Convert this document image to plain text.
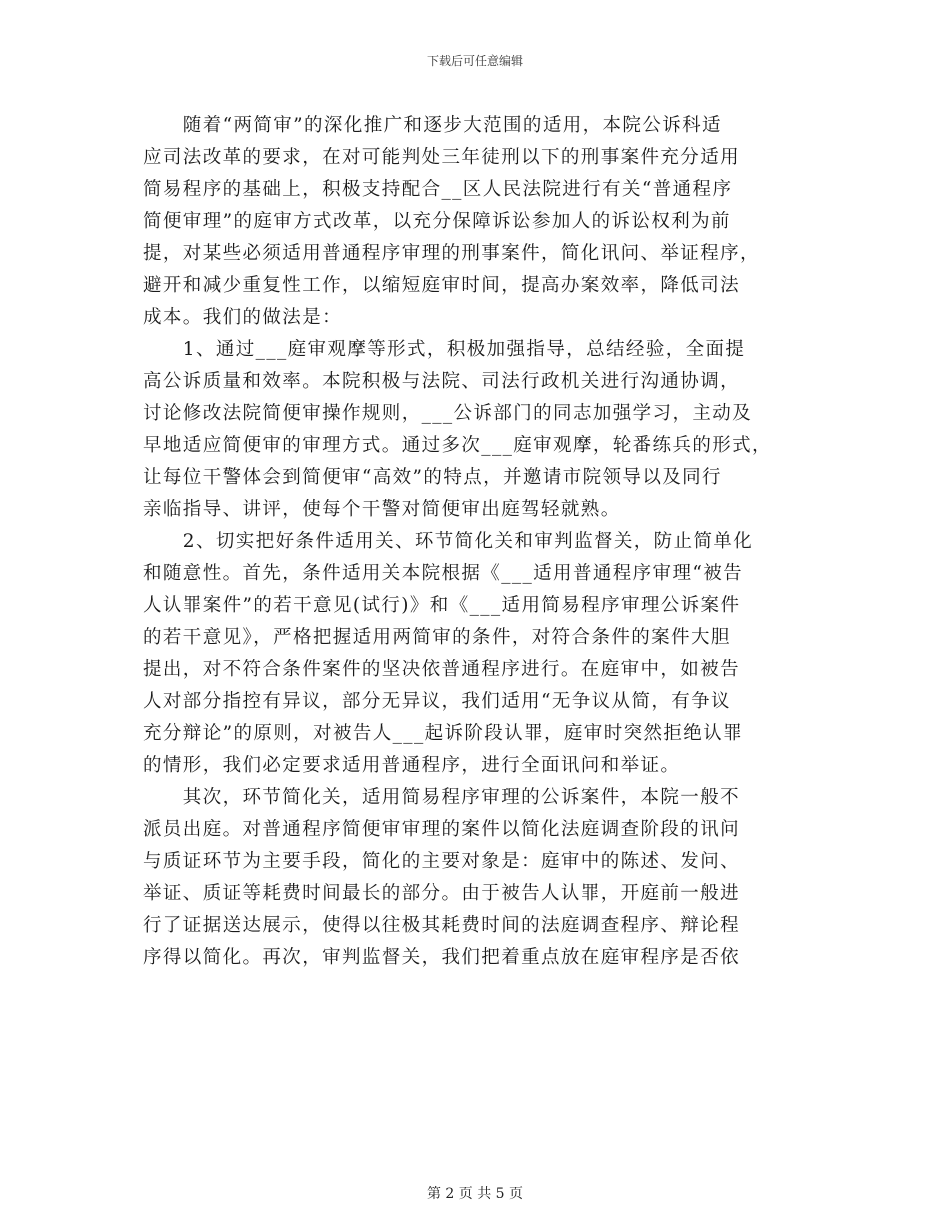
下载后可任意编辑
　　随着“两简审”的深化推广和逐步大范围的适用，本院公诉科适
应司法改革的要求，在对可能判处三年徒刑以下的刑事案件充分适用
简易程序的基础上，积极支持配合__区人民法院进行有关“普通程序
简便审理”的庭审方式改革，以充分保障诉讼参加人的诉讼权利为前
提，对某些必须适用普通程序审理的刑事案件，简化讯问、举证程序，
避开和减少重复性工作，以缩短庭审时间，提高办案效率，降低司法
成本。我们的做法是：
　　1、通过___庭审观摩等形式，积极加强指导，总结经验，全面提
高公诉质量和效率。本院积极与法院、司法行政机关进行沟通协调，
讨论修改法院简便审操作规则，___公诉部门的同志加强学习，主动及
早地适应简便审的审理方式。通过多次___庭审观摩，轮番练兵的形式，
让每位干警体会到简便审“高效”的特点，并邀请市院领导以及同行
亲临指导、讲评，使每个干警对简便审出庭驾轻就熟。
　　2、切实把好条件适用关、环节简化关和审判监督关，防止简单化
和随意性。首先，条件适用关本院根据《___适用普通程序审理“被告
人认罪案件”的若干意见(试行)》和《___适用简易程序审理公诉案件
的若干意见》，严格把握适用两简审的条件，对符合条件的案件大胆
提出，对不符合条件案件的坚决依普通程序进行。在庭审中，如被告
人对部分指控有异议，部分无异议，我们适用“无争议从简，有争议
充分辩论”的原则，对被告人___起诉阶段认罪，庭审时突然拒绝认罪
的情形，我们必定要求适用普通程序，进行全面讯问和举证。
　　其次，环节简化关，适用简易程序审理的公诉案件，本院一般不
派员出庭。对普通程序简便审审理的案件以简化法庭调查阶段的讯问
与质证环节为主要手段，简化的主要对象是：庭审中的陈述、发问、
举证、质证等耗费时间最长的部分。由于被告人认罪，开庭前一般进
行了证据送达展示，使得以往极其耗费时间的法庭调查程序、辩论程
序得以简化。再次，审判监督关，我们把着重点放在庭审程序是否依
第 2 页 共 5 页
